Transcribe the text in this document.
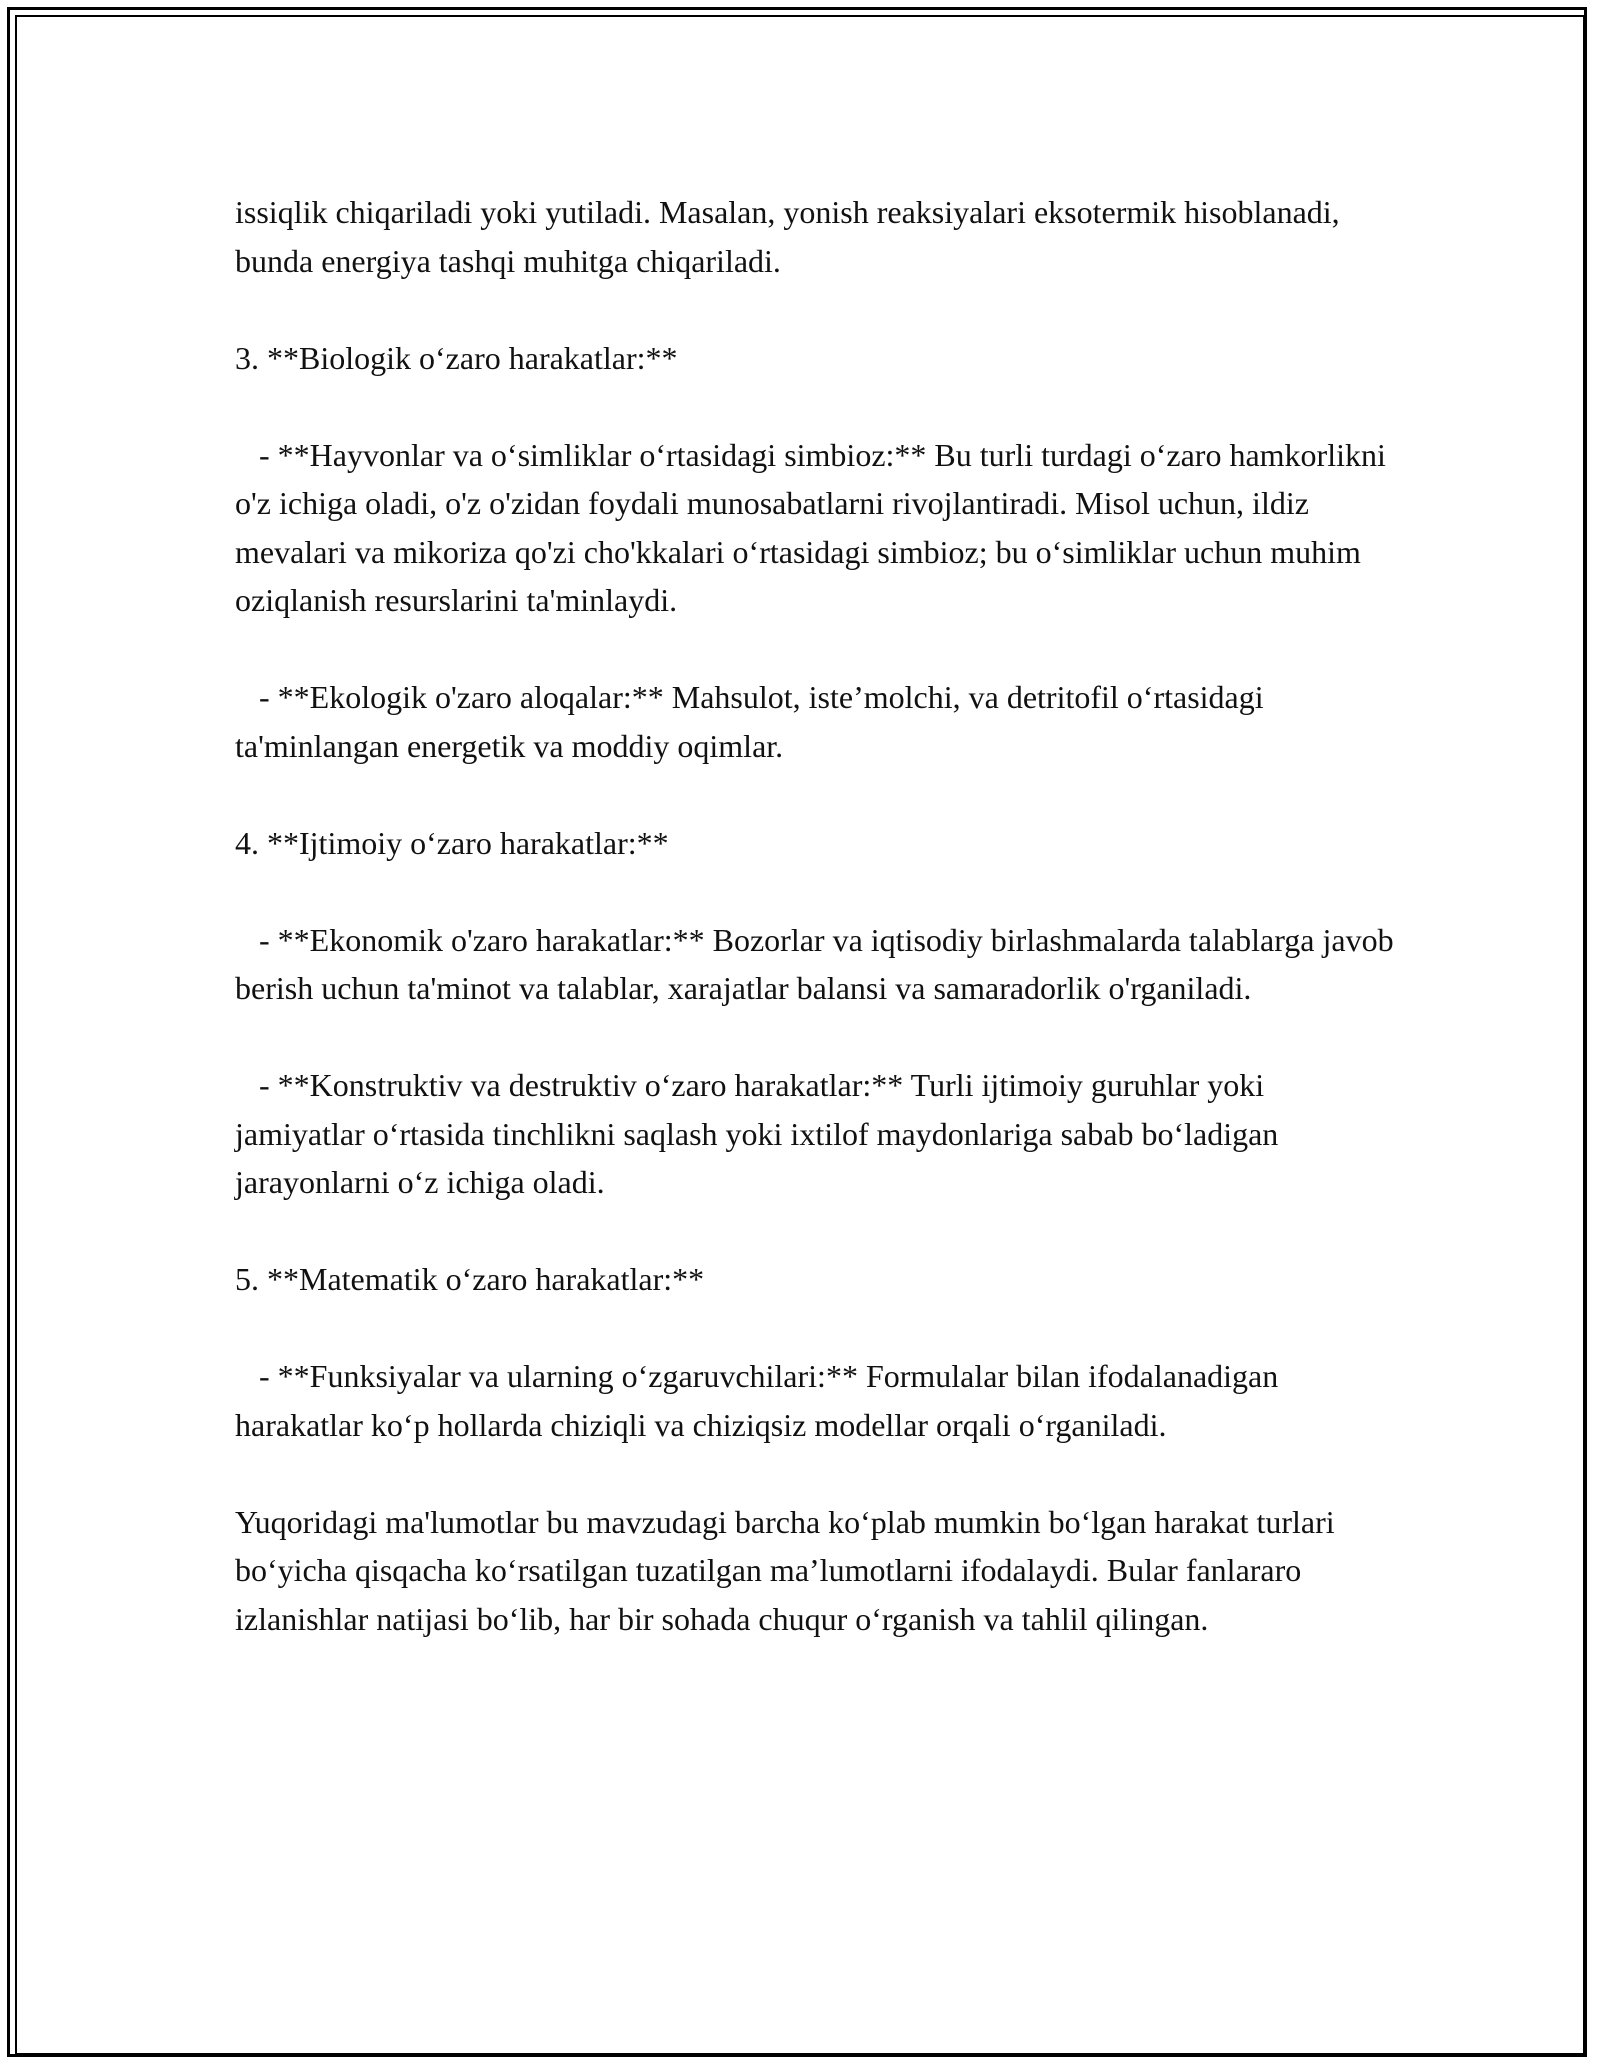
issiqlik chiqariladi yoki yutiladi. Masalan, yonish reaksiyalari eksotermik hisoblanadi, bunda energiya tashqi muhitga chiqariladi.

3. **Biologik o‘zaro harakatlar:**

- **Hayvonlar va o‘simliklar o‘rtasidagi simbioz:** Bu turli turdagi o‘zaro hamkorlikni o'z ichiga oladi, o'z o'zidan foydali munosabatlarni rivojlantiradi. Misol uchun, ildiz mevalari va mikoriza qo'zi cho'kkalari o‘rtasidagi simbioz; bu o‘simliklar uchun muhim oziqlanish resurslarini ta'minlaydi.

- **Ekologik o'zaro aloqalar:** Mahsulot, iste’molchi, va detritofil o‘rtasidagi ta'minlangan energetik va moddiy oqimlar.

4. **Ijtimoiy o‘zaro harakatlar:**

- **Ekonomik o'zaro harakatlar:** Bozorlar va iqtisodiy birlashmalarda talablarga javob berish uchun ta'minot va talablar, xarajatlar balansi va samaradorlik o'rganiladi.

- **Konstruktiv va destruktiv o‘zaro harakatlar:** Turli ijtimoiy guruhlar yoki jamiyatlar o‘rtasida tinchlikni saqlash yoki ixtilof maydonlariga sabab bo‘ladigan jarayonlarni o‘z ichiga oladi.

5. **Matematik o‘zaro harakatlar:**

- **Funksiyalar va ularning o‘zgaruvchilari:** Formulalar bilan ifodalanadigan harakatlar ko‘p hollarda chiziqli va chiziqsiz modellar orqali o‘rganiladi.

Yuqoridagi ma'lumotlar bu mavzudagi barcha ko‘plab mumkin bo‘lgan harakat turlari bo‘yicha qisqacha ko‘rsatilgan tuzatilgan ma’lumotlarni ifodalaydi. Bular fanlararo izlanishlar natijasi bo‘lib, har bir sohada chuqur o‘rganish va tahlil qilingan.
